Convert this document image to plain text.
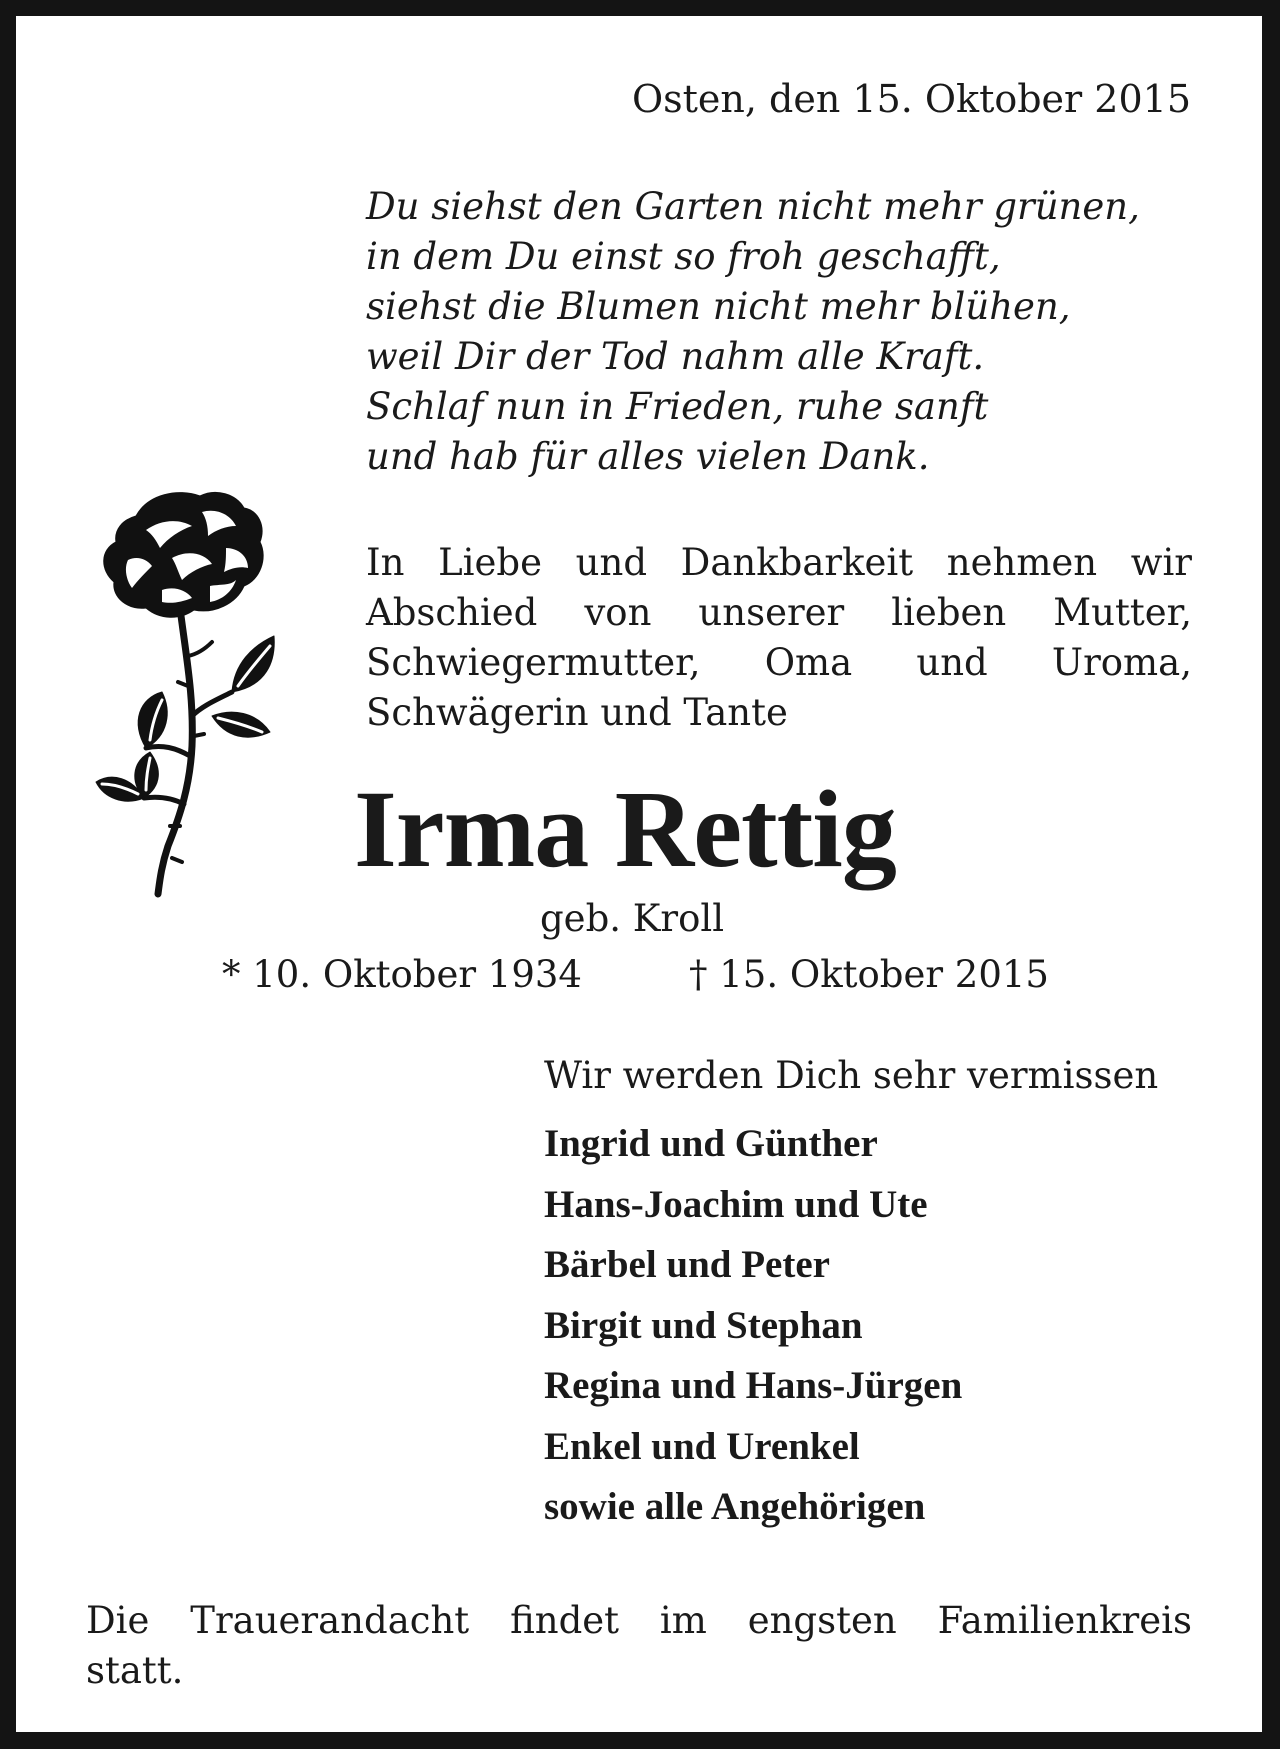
Osten, den 15. Oktober 2015
Du siehst den Garten nicht mehr grünen,
in dem Du einst so froh geschafft,
siehst die Blumen nicht mehr blühen,
weil Dir der Tod nahm alle Kraft.
Schlaf nun in Frieden, ruhe sanft
und hab für alles vielen Dank.
In Liebe und Dankbarkeit nehmen wir
Abschied von unserer lieben Mutter,
Schwiegermutter, Oma und Uroma,
Schwägerin und Tante
Irma Rettig
geb. Kroll
* 10. Oktober 1934	† 15. Oktober 2015
Wir werden Dich sehr vermissen
Ingrid und Günther
Hans-Joachim und Ute
Bärbel und Peter
Birgit und Stephan
Regina und Hans-Jürgen
Enkel und Urenkel
sowie alle Angehörigen
Die Trauerandacht findet im engsten Familienkreis
statt.
